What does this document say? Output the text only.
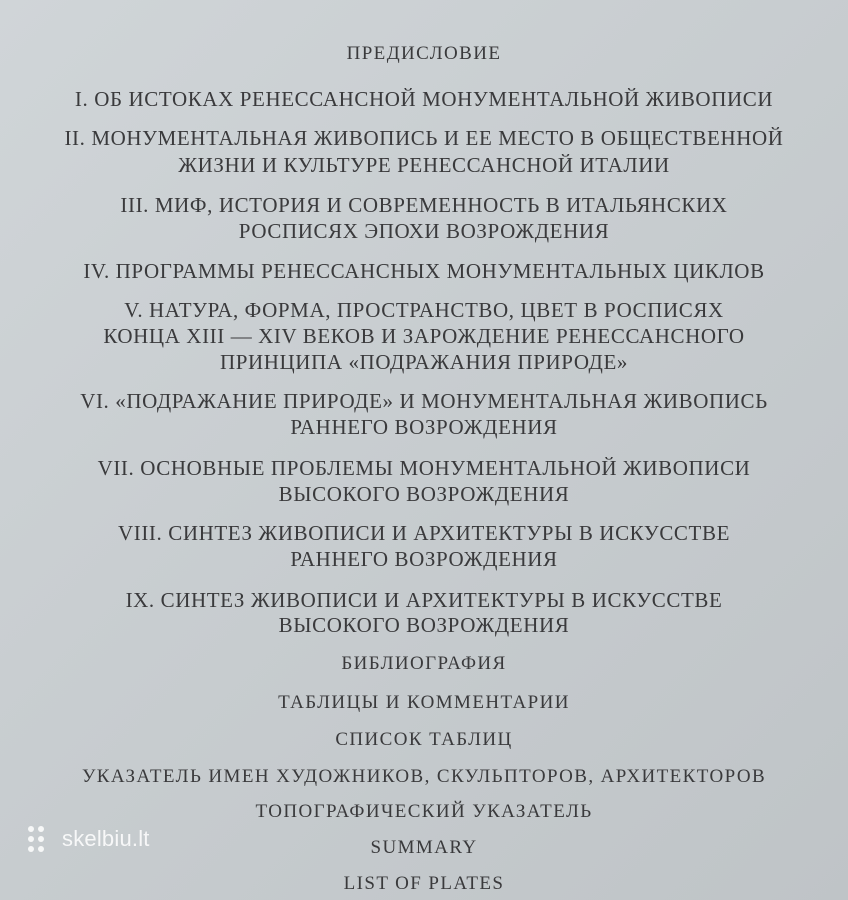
ПРЕДИСЛОВИЕ
I. ОБ ИСТОКАХ РЕНЕССАНСНОЙ МОНУМЕНТАЛЬНОЙ ЖИВОПИСИ
II. МОНУМЕНТАЛЬНАЯ ЖИВОПИСЬ И ЕЕ МЕСТО В ОБЩЕСТВЕННОЙ
ЖИЗНИ И КУЛЬТУРЕ РЕНЕССАНСНОЙ ИТАЛИИ
III. МИФ, ИСТОРИЯ И СОВРЕМЕННОСТЬ В ИТАЛЬЯНСКИХ
РОСПИСЯХ ЭПОХИ ВОЗРОЖДЕНИЯ
IV. ПРОГРАММЫ РЕНЕССАНСНЫХ МОНУМЕНТАЛЬНЫХ ЦИКЛОВ
V. НАТУРА, ФОРМА, ПРОСТРАНСТВО, ЦВЕТ В РОСПИСЯХ
КОНЦА XIII — XIV ВЕКОВ И ЗАРОЖДЕНИЕ РЕНЕССАНСНОГО
ПРИНЦИПА «ПОДРАЖАНИЯ ПРИРОДЕ»
VI. «ПОДРАЖАНИЕ ПРИРОДЕ» И МОНУМЕНТАЛЬНАЯ ЖИВОПИСЬ
РАННЕГО ВОЗРОЖДЕНИЯ
VII. ОСНОВНЫЕ ПРОБЛЕМЫ МОНУМЕНТАЛЬНОЙ ЖИВОПИСИ
ВЫСОКОГО ВОЗРОЖДЕНИЯ
VIII. СИНТЕЗ ЖИВОПИСИ И АРХИТЕКТУРЫ В ИСКУССТВЕ
РАННЕГО ВОЗРОЖДЕНИЯ
IX. СИНТЕЗ ЖИВОПИСИ И АРХИТЕКТУРЫ В ИСКУССТВЕ
ВЫСОКОГО ВОЗРОЖДЕНИЯ
БИБЛИОГРАФИЯ
ТАБЛИЦЫ И КОММЕНТАРИИ
СПИСОК ТАБЛИЦ
УКАЗАТЕЛЬ ИМЕН ХУДОЖНИКОВ, СКУЛЬПТОРОВ, АРХИТЕКТОРОВ
ТОПОГРАФИЧЕСКИЙ УКАЗАТЕЛЬ
SUMMARY
LIST OF PLATES
skelbiu.lt
